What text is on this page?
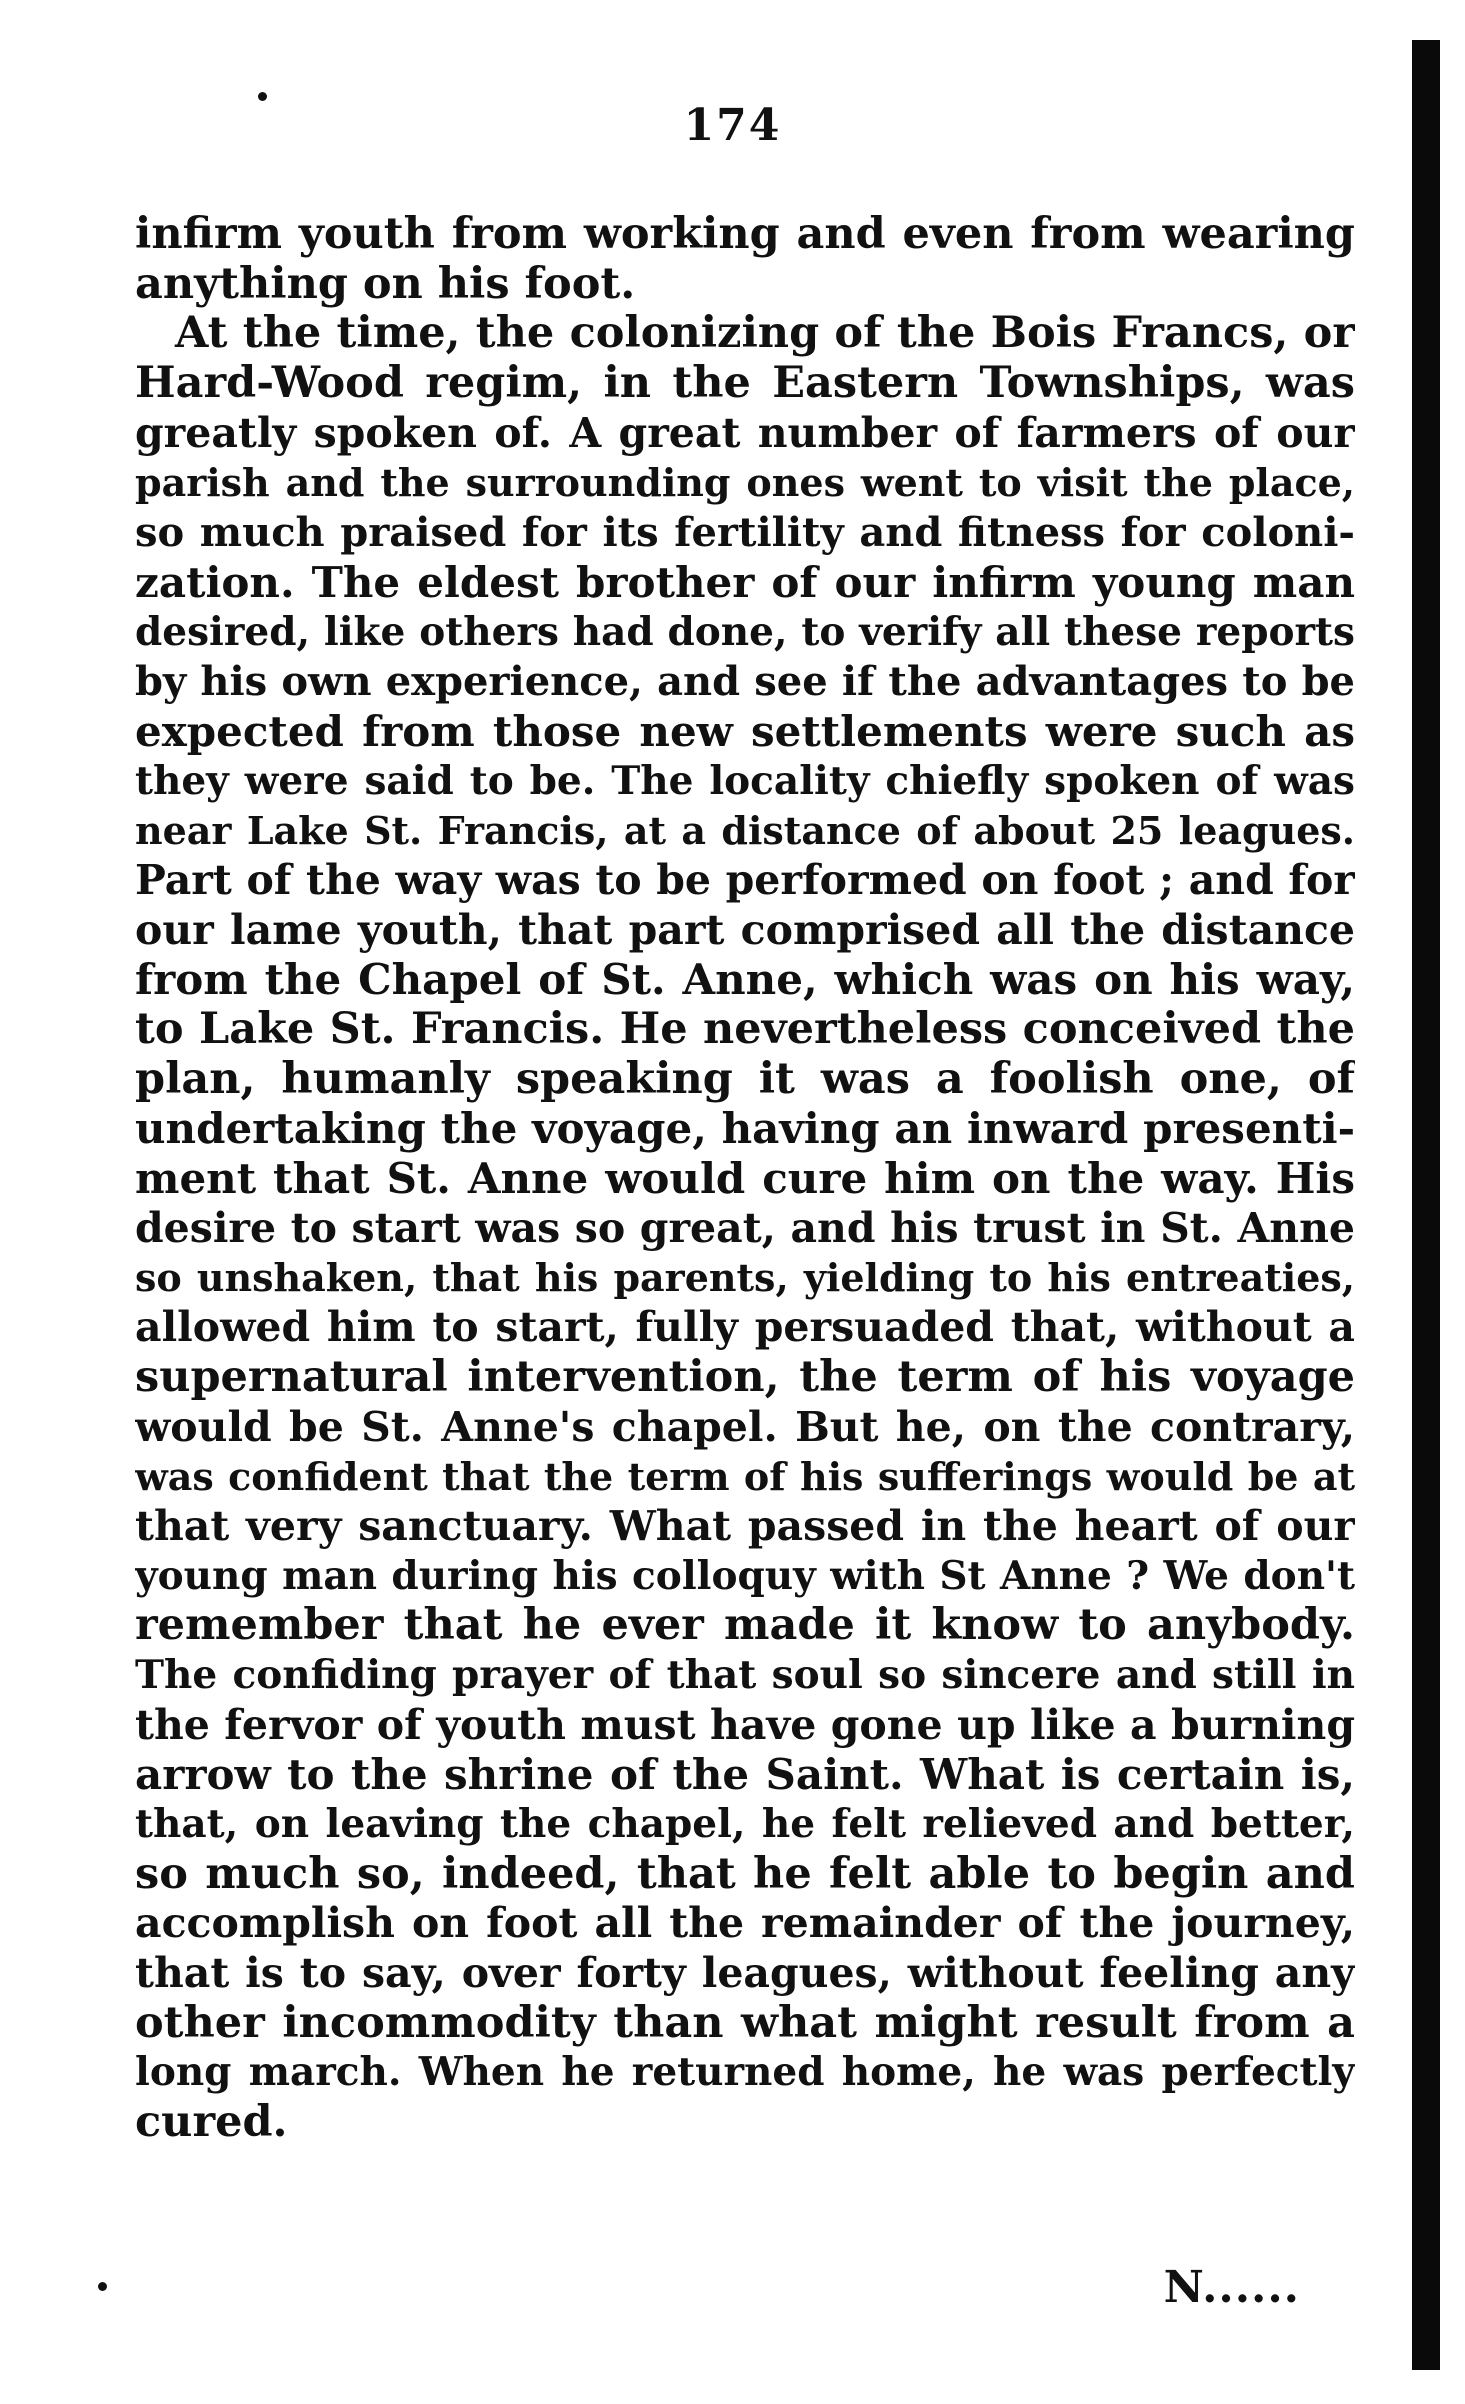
174
infirm youth from working and even from wearing
anything on his foot.
At the time, the colonizing of the Bois Francs, or
Hard-Wood regim, in the Eastern Townships, was
greatly spoken of. A great number of farmers of our
parish and the surrounding ones went to visit the place,
so much praised for its fertility and fitness for coloni-
zation. The eldest brother of our infirm young man
desired, like others had done, to verify all these reports
by his own experience, and see if the advantages to be
expected from those new settlements were such as
they were said to be. The locality chiefly spoken of was
near Lake St. Francis, at a distance of about 25 leagues.
Part of the way was to be performed on foot ; and for
our lame youth, that part comprised all the distance
from the Chapel of St. Anne, which was on his way,
to Lake St. Francis. He nevertheless conceived the
plan, humanly speaking it was a foolish one, of
undertaking the voyage, having an inward presenti-
ment that St. Anne would cure him on the way. His
desire to start was so great, and his trust in St. Anne
so unshaken, that his parents, yielding to his entreaties,
allowed him to start, fully persuaded that, without a
supernatural intervention, the term of his voyage
would be St. Anne's chapel. But he, on the contrary,
was confident that the term of his sufferings would be at
that very sanctuary. What passed in the heart of our
young man during his colloquy with St Anne ? We don't
remember that he ever made it know to anybody.
The confiding prayer of that soul so sincere and still in
the fervor of youth must have gone up like a burning
arrow to the shrine of the Saint. What is certain is,
that, on leaving the chapel, he felt relieved and better,
so much so, indeed, that he felt able to begin and
accomplish on foot all the remainder of the journey,
that is to say, over forty leagues, without feeling any
other incommodity than what might result from a
long march. When he returned home, he was perfectly
cured.
N......
